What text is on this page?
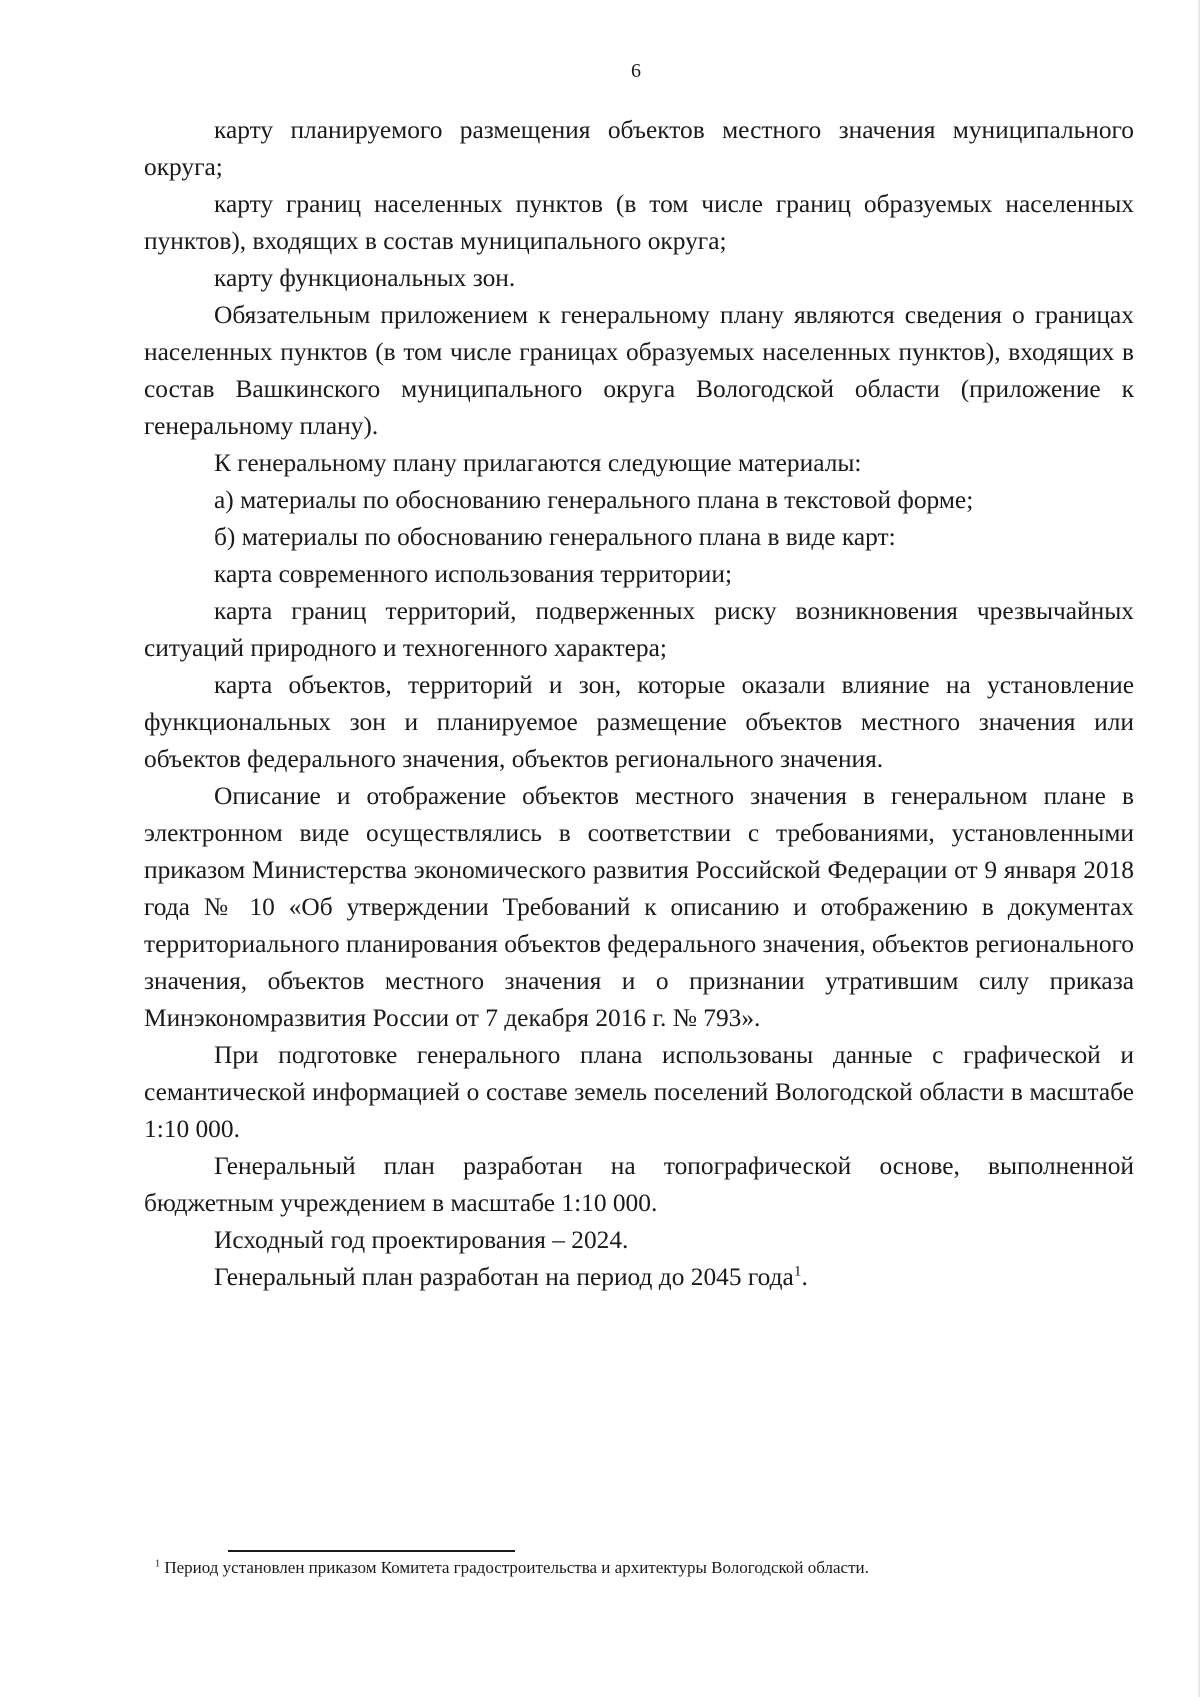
6

карту планируемого размещения объектов местного значения муниципального округа;

карту границ населенных пунктов (в том числе границ образуемых населенных пунктов), входящих в состав муниципального округа;

карту функциональных зон.

Обязательным приложением к генеральному плану являются сведения о границах населенных пунктов (в том числе границах образуемых населенных пунктов), входящих в состав Вашкинского муниципального округа Вологодской области (приложение к генеральному плану).

К генеральному плану прилагаются следующие материалы:

а) материалы по обоснованию генерального плана в текстовой форме;

б) материалы по обоснованию генерального плана в виде карт:

карта современного использования территории;

карта границ территорий, подверженных риску возникновения чрезвычайных ситуаций природного и техногенного характера;

карта объектов, территорий и зон, которые оказали влияние на установление функциональных зон и планируемое размещение объектов местного значения или объектов федерального значения, объектов регионального значения.

Описание и отображение объектов местного значения в генеральном плане в электронном виде осуществлялись в соответствии с требованиями, установленными приказом Министерства экономического развития Российской Федерации от 9 января 2018 года № 10 «Об утверждении Требований к описанию и отображению в документах территориального планирования объектов федерального значения, объектов регионального значения, объектов местного значения и о признании утратившим силу приказа Минэкономразвития России от 7 декабря 2016 г. № 793».

При подготовке генерального плана использованы данные с графической и семантической информацией о составе земель поселений Вологодской области в масштабе 1:10 000.

Генеральный план разработан на топографической основе, выполненной бюджетным учреждением в масштабе 1:10 000.

Исходный год проектирования – 2024.

Генеральный план разработан на период до 2045 года$^1$.

$^1$ Период установлен приказом Комитета градостроительства и архитектуры Вологодской области.
